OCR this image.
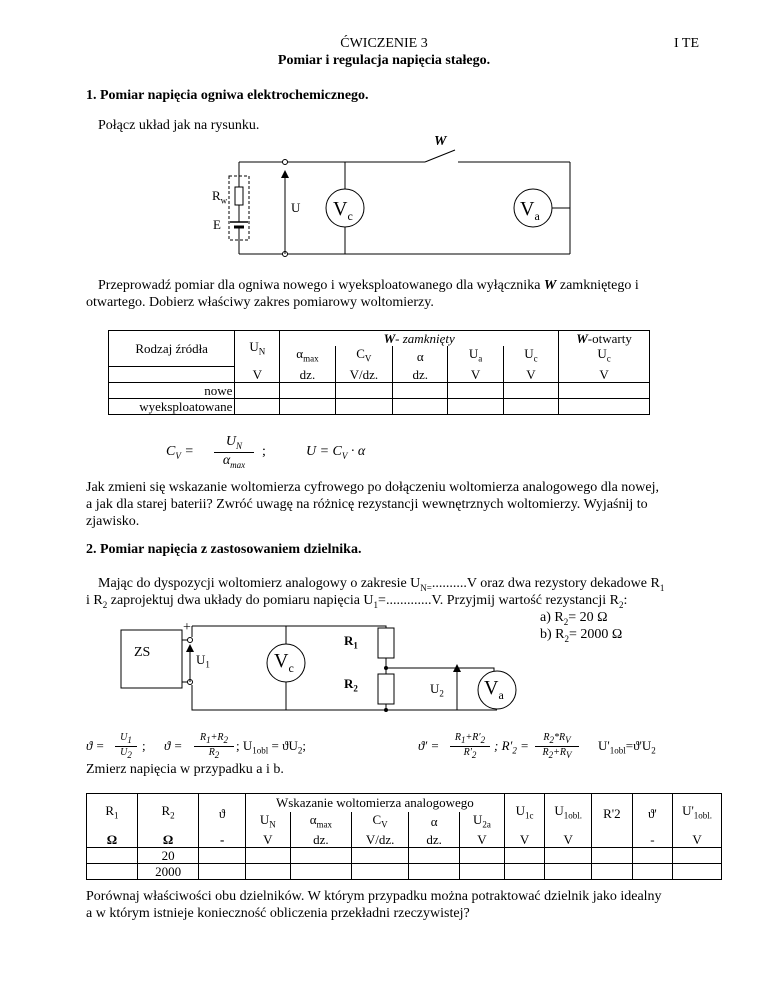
ĆWICZENIE 3
Pomiar i regulacja napięcia stałego.
I TE
1. Pomiar napięcia ogniwa elektrochemicznego.
Połącz układ jak na rysunku.
W
$R_w$
E
U $V_c$	$V_a$
Przeprowadź pomiar dla ogniwa nowego i wyeksploatowanego dla wyłącznika W zamkniętego i
otwartego. Dobierz właściwy zakres pomiarowy woltomierzy.
Rodzaj źródła	$U_N$	W- zamknięty					W-otwarty
		$\alpha_{max}$	$C_V$	α	$U_a$	$U_c$	$U_c$
	V	dz.	V/dz.	dz.	V	V	V
nowe							
wyeksploatowane							
$C_V$ =
$U_N$
$\alpha_{max}$
;	$U = C_V \cdot \alpha$
Jak zmieni się wskazanie woltomierza cyfrowego po dołączeniu woltomierza analogowego dla nowej,
a jak dla starej baterii? Zwróć uwagę na różnicę rezystancji wewnętrznych woltomierzy. Wyjaśnij to
zjawisko.
2. Pomiar napięcia z zastosowaniem dzielnika.
Mając do dyspozycji woltomierz analogowy o zakresie $U_{N=}..........V$ oraz dwa rezystory dekadowe $R_1$
i $R_2$ zaprojektuj dwa układy do pomiaru napięcia $U_1=.............V$. Przyjmij wartość rezystancji $R_2$:
a) $R_2= 20$ Ω
b) $R_2= 2000$ Ω
ZS
+
$U_1$	$V_c$
$R_1$
$R_2$	$U_2$ $V_a$
ϑ =
$U_1$
$U_2$
; ϑ =
$R_1+R_2$
$R_2$
; $U_{1obl} = ϑU_2$;	ϑ′ =
$R_1+R'_2$
$R'_2$
; $R'_2$ =
$R_2*R_V$
$R_2+R_V$
$U'_{1obl}=ϑ'U_2$
Zmierz napięcia w przypadku a i b.
$R_1$	$R_2$	ϑ	Wskazanie woltomierza analogowego					$U_{1c}$	$U_{1obl.}$	R'2	ϑ'	$U'_{1obl.}$
			$U_N$	$\alpha_{max}$	$C_V$	α	$U_{2a}$
Ω	Ω	-	V	dz.	V/dz.	dz.	V	V	V		-	V
	20											
	2000											
Porównaj właściwości obu dzielników. W którym przypadku można potraktować dzielnik jako idealny
a w którym istnieje konieczność obliczenia przekładni rzeczywistej?
